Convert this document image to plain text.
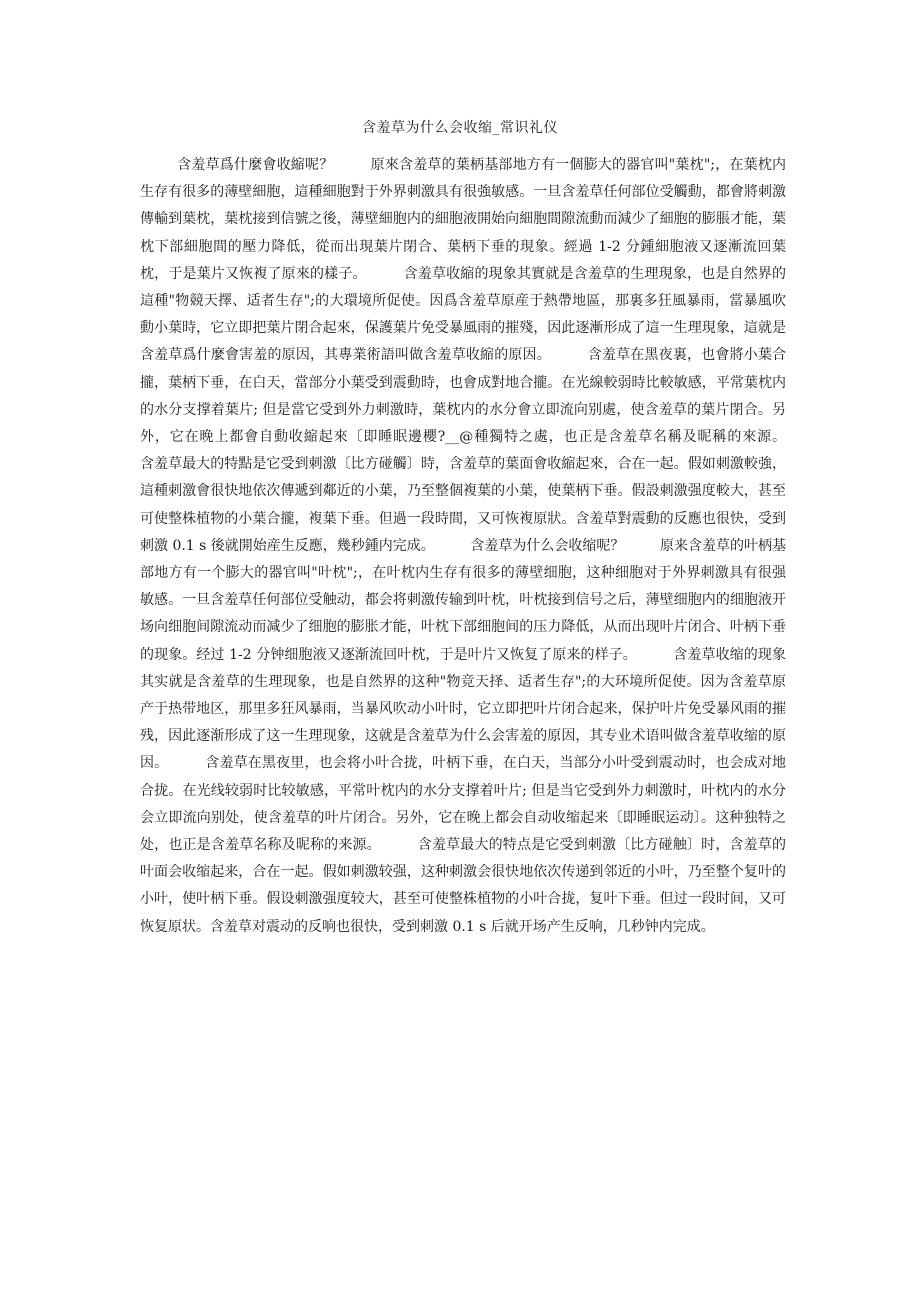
含羞草为什么会收缩_常识礼仪
含羞草爲什麼會收縮呢？        原來含羞草的葉柄基部地方有一個膨大的器官叫"葉枕";，在葉枕内生存有很多的薄壁細胞，這種細胞對于外界刺激具有很強敏感。一旦含羞草任何部位受觸動，都會將刺激傳輸到葉枕，葉枕接到信號之後，薄壁細胞内的細胞液開始向細胞間隙流動而減少了細胞的膨脹才能，葉枕下部細胞間的壓力降低，從而出現葉片閉合、葉柄下垂的現象。經過 1-2 分鍾細胞液又逐漸流回葉枕，于是葉片又恢複了原來的樣子。        含羞草收縮的現象其實就是含羞草的生理現象，也是自然界的這種"物競天擇、适者生存";的大環境所促使。因爲含羞草原産于熱帶地區，那裏多狂風暴雨，當暴風吹動小葉時，它立即把葉片閉合起來，保護葉片免受暴風雨的摧殘，因此逐漸形成了這一生理現象，這就是含羞草爲什麼會害羞的原因，其專業術語叫做含羞草收縮的原因。        含羞草在黑夜裏，也會將小葉合攏，葉柄下垂，在白天，當部分小葉受到震動時，也會成對地合攏。在光線較弱時比較敏感，平常葉枕内的水分支撑着葉片; 但是當它受到外力刺激時，葉枕内的水分會立即流向别處，使含羞草的葉片閉合。另外，它在晚上都會自動收縮起來〔即睡眠邊櫻?__@種獨特之處，也正是含羞草名稱及昵稱的來源。        含羞草最大的特點是它受到刺激〔比方碰觸〕時，含羞草的葉面會收縮起來，合在一起。假如刺激較強，這種刺激會很快地依次傳遞到鄰近的小葉，乃至整個複葉的小葉，使葉柄下垂。假設刺激强度較大，甚至可使整株植物的小葉合攏，複葉下垂。但過一段時間，又可恢複原狀。含羞草對震動的反應也很快，受到刺激 0.1 s 後就開始産生反應，幾秒鍾内完成。        含羞草为什么会收缩呢？        原来含羞草的叶柄基部地方有一个膨大的器官叫"叶枕";，在叶枕内生存有很多的薄壁细胞，这种细胞对于外界刺激具有很强敏感。一旦含羞草任何部位受触动，都会将刺激传输到叶枕，叶枕接到信号之后，薄壁细胞内的细胞液开场向细胞间隙流动而减少了细胞的膨胀才能，叶枕下部细胞间的压力降低，从而出现叶片闭合、叶柄下垂的现象。经过 1-2 分钟细胞液又逐渐流回叶枕，于是叶片又恢复了原来的样子。        含羞草收缩的现象其实就是含羞草的生理现象，也是自然界的这种"物竞天择、适者生存";的大环境所促使。因为含羞草原产于热带地区，那里多狂风暴雨，当暴风吹动小叶时，它立即把叶片闭合起来，保护叶片免受暴风雨的摧残，因此逐渐形成了这一生理现象，这就是含羞草为什么会害羞的原因，其专业术语叫做含羞草收缩的原因。        含羞草在黑夜里，也会将小叶合拢，叶柄下垂，在白天，当部分小叶受到震动时，也会成对地合拢。在光线较弱时比较敏感，平常叶枕内的水分支撑着叶片; 但是当它受到外力刺激时，叶枕内的水分会立即流向别处，使含羞草的叶片闭合。另外，它在晚上都会自动收缩起来〔即睡眠运动〕。这种独特之处，也正是含羞草名称及昵称的来源。        含羞草最大的特点是它受到刺激〔比方碰触〕时，含羞草的叶面会收缩起来，合在一起。假如刺激较强，这种刺激会很快地依次传递到邻近的小叶，乃至整个复叶的小叶，使叶柄下垂。假设刺激强度较大，甚至可使整株植物的小叶合拢，复叶下垂。但过一段时间，又可恢复原状。含羞草对震动的反响也很快，受到刺激 0.1 s 后就开场产生反响，几秒钟内完成。
